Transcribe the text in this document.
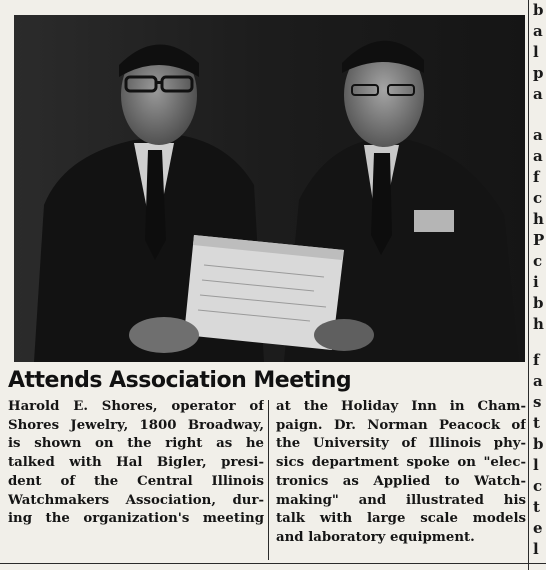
Attends Association Meeting
Harold E. Shores, operator of
Shores Jewelry, 1800 Broadway,
is shown on the right as he
talked with Hal Bigler, presi-
dent of the Central Illinois
Watchmakers Association, dur-
ing the organization's meeting
at the Holiday Inn in Cham-
paign. Dr. Norman Peacock of
the University of Illinois phy-
sics department spoke on "elec-
tronics as Applied to Watch-
making" and illustrated his
talk with large scale models
and laboratory equipment.
b
a
l
p
a
a
a
f
c
h
P
c
i
b
h
f
a
s
t
b
l
c
t
e
l
